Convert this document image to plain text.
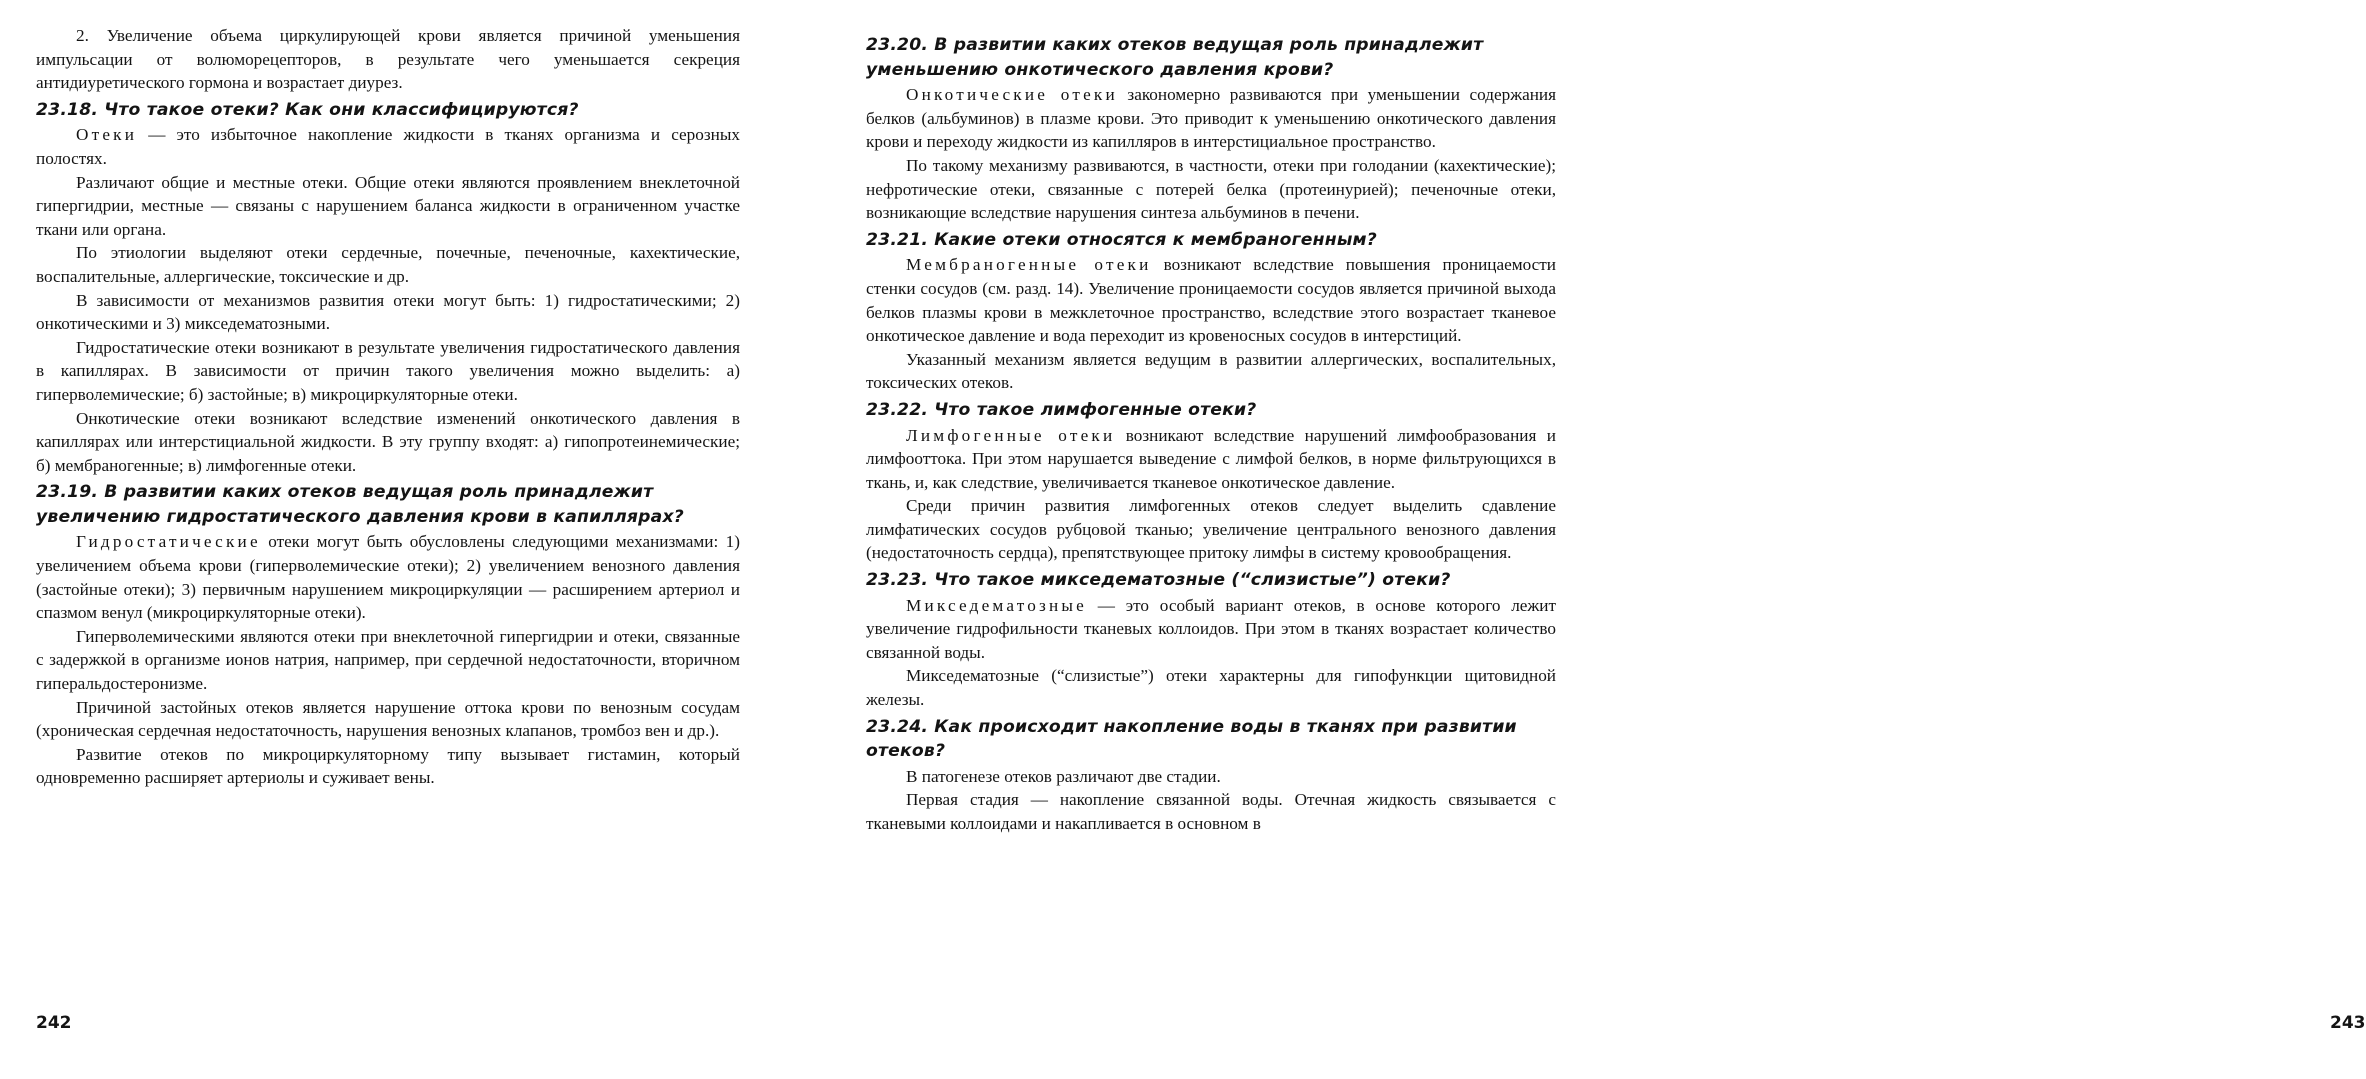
2. Увеличение объема циркулирующей крови является причиной уменьшения импульсации от волюморецепторов, в результате чего уменьшается секреция антидиуретического гормона и возрастает диурез.

23.18. Что такое отеки? Как они классифицируются?

Отеки — это избыточное накопление жидкости в тканях организма и серозных полостях.

Различают общие и местные отеки. Общие отеки являются проявлением внеклеточной гипергидрии, местные — связаны с нарушением баланса жидкости в ограниченном участке ткани или органа.

По этиологии выделяют отеки сердечные, почечные, печеночные, кахектические, воспалительные, аллергические, токсические и др.

В зависимости от механизмов развития отеки могут быть: 1) гидростатическими; 2) онкотическими и 3) микседематозными.

Гидростатические отеки возникают в результате увеличения гидростатического давления в капиллярах. В зависимости от причин такого увеличения можно выделить: а) гиперволемические; б) застойные; в) микроциркуляторные отеки.

Онкотические отеки возникают вследствие изменений онкотического давления в капиллярах или интерстициальной жидкости. В эту группу входят: а) гипопротеинемические; б) мембраногенные; в) лимфогенные отеки.

23.19. В развитии каких отеков ведущая роль принадлежит увеличению гидростатического давления крови в капиллярах?

Гидростатические отеки могут быть обусловлены следующими механизмами: 1) увеличением объема крови (гиперволемические отеки); 2) увеличением венозного давления (застойные отеки); 3) первичным нарушением микроциркуляции — расширением артериол и спазмом венул (микроциркуляторные отеки).

Гиперволемическими являются отеки при внеклеточной гипергидрии и отеки, связанные с задержкой в организме ионов натрия, например, при сердечной недостаточности, вторичном гиперальдостеронизме.

Причиной застойных отеков является нарушение оттока крови по венозным сосудам (хроническая сердечная недостаточность, нарушения венозных клапанов, тромбоз вен и др.).

Развитие отеков по микроциркуляторному типу вызывает гистамин, который одновременно расширяет артериолы и суживает вены.

242

23.20. В развитии каких отеков ведущая роль принадлежит уменьшению онкотического давления крови?

Онкотические отеки закономерно развиваются при уменьшении содержания белков (альбуминов) в плазме крови. Это приводит к уменьшению онкотического давления крови и переходу жидкости из капилляров в интерстициальное пространство.

По такому механизму развиваются, в частности, отеки при голодании (кахектические); нефротические отеки, связанные с потерей белка (протеинурией); печеночные отеки, возникающие вследствие нарушения синтеза альбуминов в печени.

23.21. Какие отеки относятся к мембраногенным?

Мембраногенные отеки возникают вследствие повышения проницаемости стенки сосудов (см. разд. 14). Увеличение проницаемости сосудов является причиной выхода белков плазмы крови в межклеточное пространство, вследствие этого возрастает тканевое онкотическое давление и вода переходит из кровеносных сосудов в интерстиций.

Указанный механизм является ведущим в развитии аллергических, воспалительных, токсических отеков.

23.22. Что такое лимфогенные отеки?

Лимфогенные отеки возникают вследствие нарушений лимфообразования и лимфооттока. При этом нарушается выведение с лимфой белков, в норме фильтрующихся в ткань, и, как следствие, увеличивается тканевое онкотическое давление.

Среди причин развития лимфогенных отеков следует выделить сдавление лимфатических сосудов рубцовой тканью; увеличение центрального венозного давления (недостаточность сердца), препятствующее притоку лимфы в систему кровообращения.

23.23. Что такое микседематозные (“слизистые”) отеки?

Микседематозные — это особый вариант отеков, в основе которого лежит увеличение гидрофильности тканевых коллоидов. При этом в тканях возрастает количество связанной воды.

Микседематозные (“слизистые”) отеки характерны для гипофункции щитовидной железы.

23.24. Как происходит накопление воды в тканях при развитии отеков?

В патогенезе отеков различают две стадии.

Первая стадия — накопление связанной воды. Отечная жидкость связывается с тканевыми коллоидами и накапливается в основном в

243
